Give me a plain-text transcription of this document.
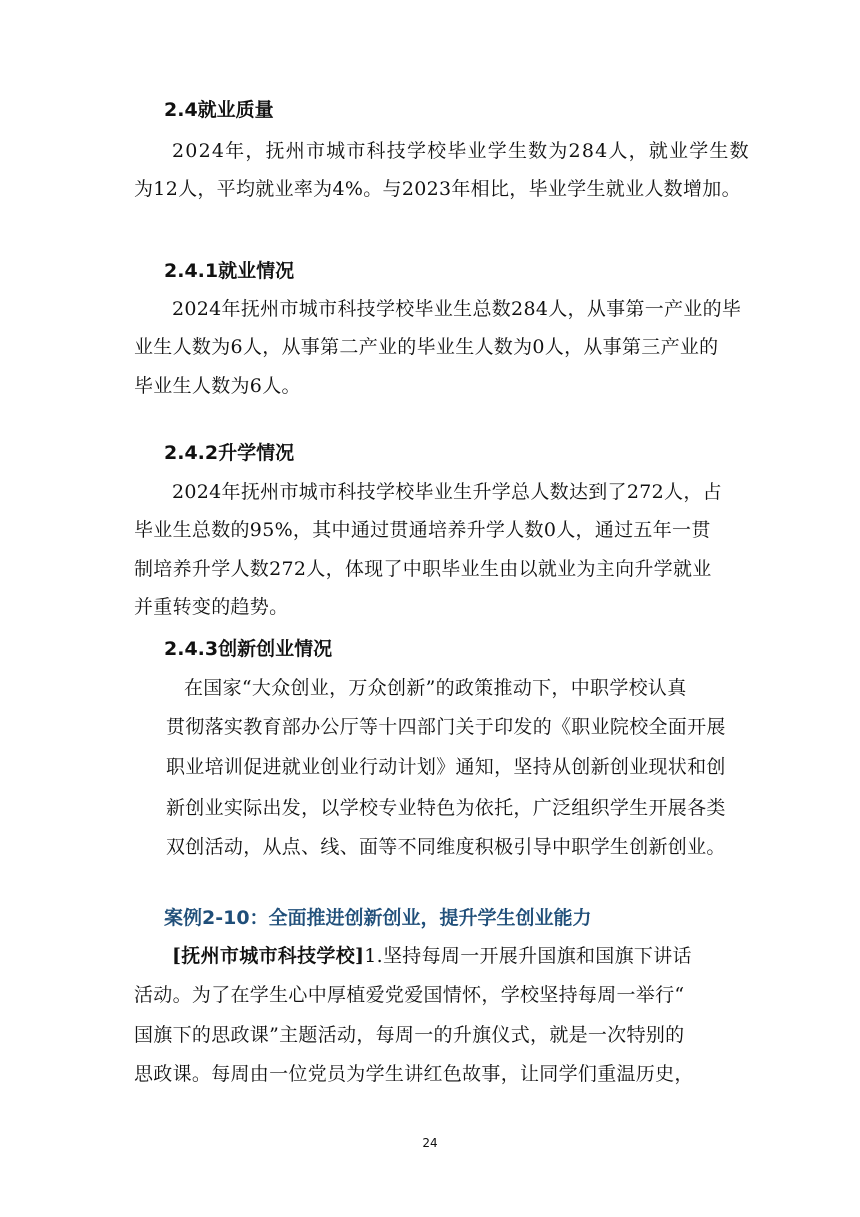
2.4就业质量
2024年，抚州市城市科技学校毕业学生数为284人，就业学生数
为12人，平均就业率为4%。与2023年相比，毕业学生就业人数增加。
2.4.1就业情况
2024年抚州市城市科技学校毕业生总数284人，从事第一产业的毕
业生人数为6人，从事第二产业的毕业生人数为0人，从事第三产业的
毕业生人数为6人。
2.4.2升学情况
2024年抚州市城市科技学校毕业生升学总人数达到了272人，占
毕业生总数的95%，其中通过贯通培养升学人数0人，通过五年一贯
制培养升学人数272人，体现了中职毕业生由以就业为主向升学就业
并重转变的趋势。
2.4.3创新创业情况
在国家“大众创业，万众创新”的政策推动下，中职学校认真
贯彻落实教育部办公厅等十四部门关于印发的《职业院校全面开展
职业培训促进就业创业行动计划》通知，坚持从创新创业现状和创
新创业实际出发，以学校专业特色为依托，广泛组织学生开展各类
双创活动，从点、线、面等不同维度积极引导中职学生创新创业。
案例2-10：全面推进创新创业，提升学生创业能力
[抚州市城市科技学校]1.坚持每周一开展升国旗和国旗下讲话
活动。为了在学生心中厚植爱党爱国情怀，学校坚持每周一举行“
国旗下的思政课”主题活动，每周一的升旗仪式，就是一次特别的
思政课。每周由一位党员为学生讲红色故事，让同学们重温历史，
24
